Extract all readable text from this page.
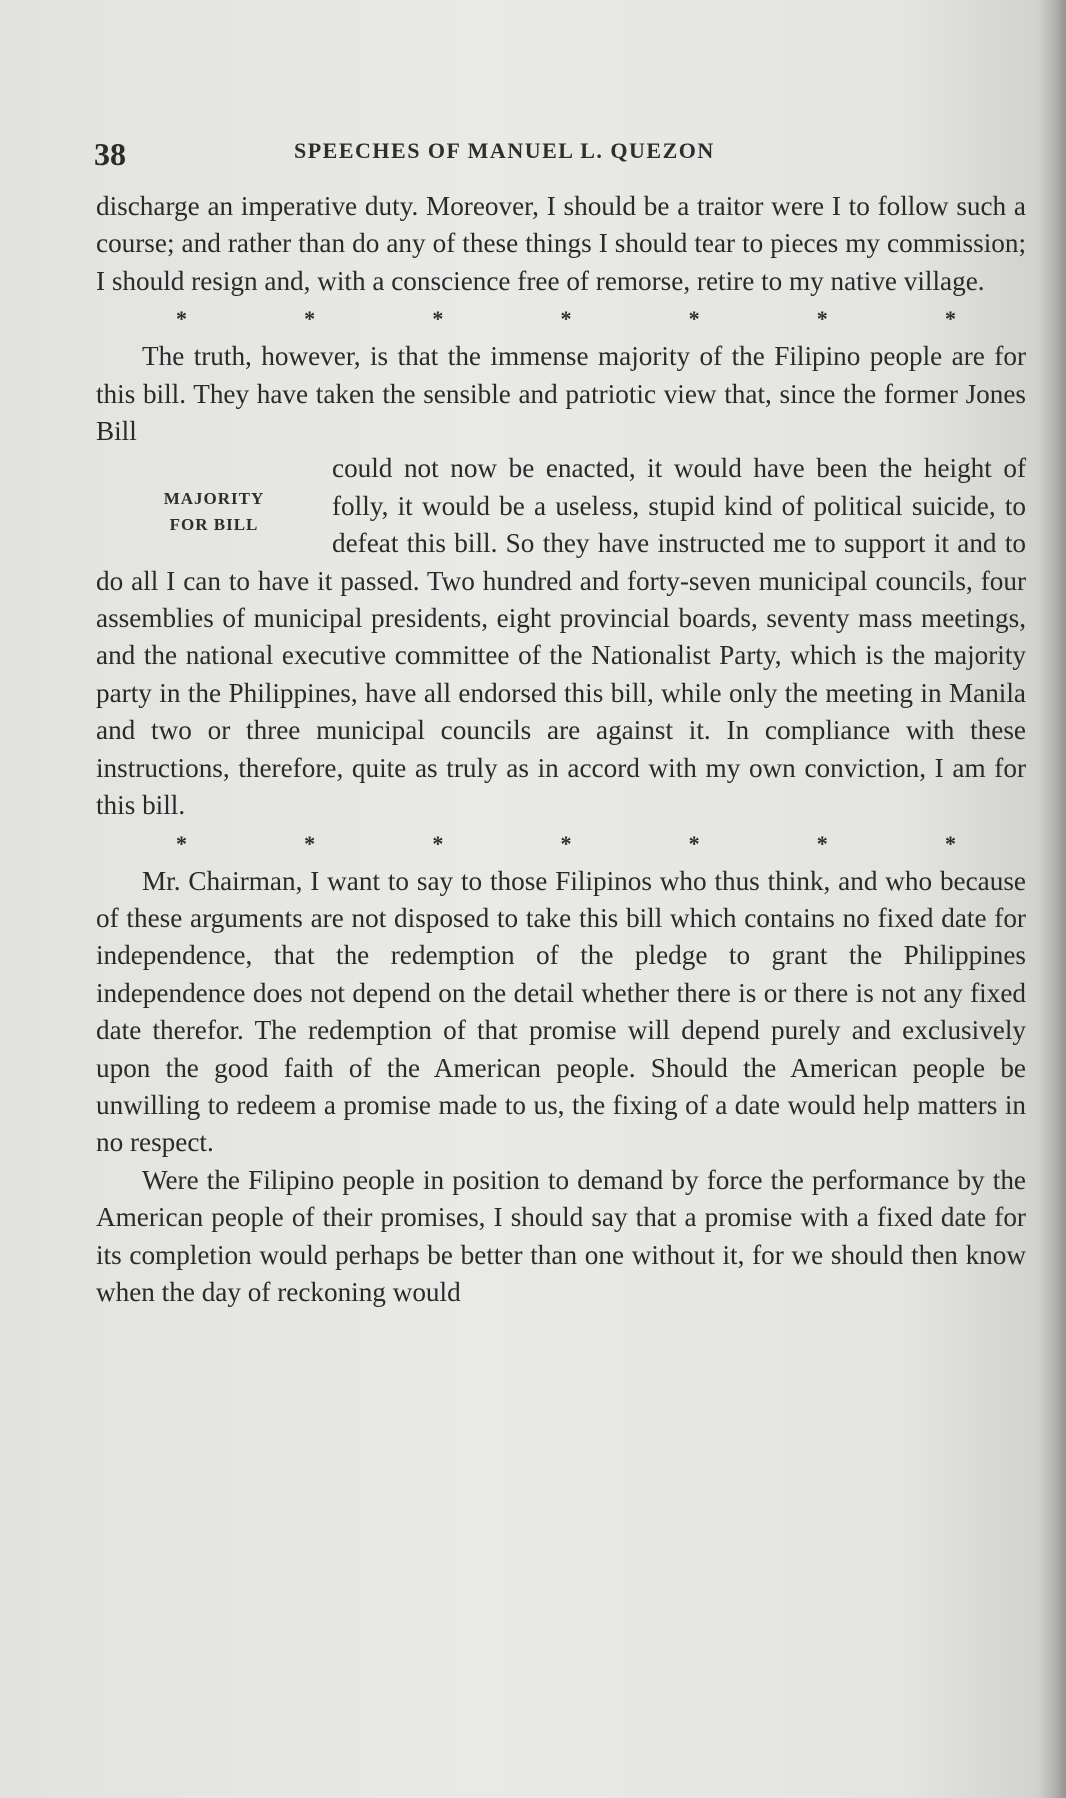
38	SPEECHES OF MANUEL L. QUEZON

discharge an imperative duty. Moreover, I should be a traitor were I to follow such a course; and rather than do any of these things I should tear to pieces my commission; I should resign and, with a conscience free of remorse, retire to my native village.

*	*	*	*	*	*	*

The truth, however, is that the immense majority of the Filipino people are for this bill. They have taken the sensible and patriotic view that, since the former Jones Bill

MAJORITY
FOR BILL

could not now be enacted, it would have been the height of folly, it would be a useless, stupid kind of political suicide, to defeat this bill. So they have instructed me to support it and to do all I can to have it passed. Two hundred and forty-seven municipal councils, four assemblies of municipal presidents, eight provincial boards, seventy mass meetings, and the national executive committee of the Nationalist Party, which is the majority party in the Philippines, have all endorsed this bill, while only the meeting in Manila and two or three municipal councils are against it. In compliance with these instructions, therefore, quite as truly as in accord with my own conviction, I am for this bill.

*	*	*	*	*	*	*

Mr. Chairman, I want to say to those Filipinos who thus think, and who because of these arguments are not disposed to take this bill which contains no fixed date for independence, that the redemption of the pledge to grant the Philippines independence does not depend on the detail whether there is or there is not any fixed date therefor. The redemption of that promise will depend purely and exclusively upon the good faith of the American people. Should the American people be unwilling to redeem a promise made to us, the fixing of a date would help matters in no respect.

Were the Filipino people in position to demand by force the performance by the American people of their promises, I should say that a promise with a fixed date for its completion would perhaps be better than one without it, for we should then know when the day of reckoning would
